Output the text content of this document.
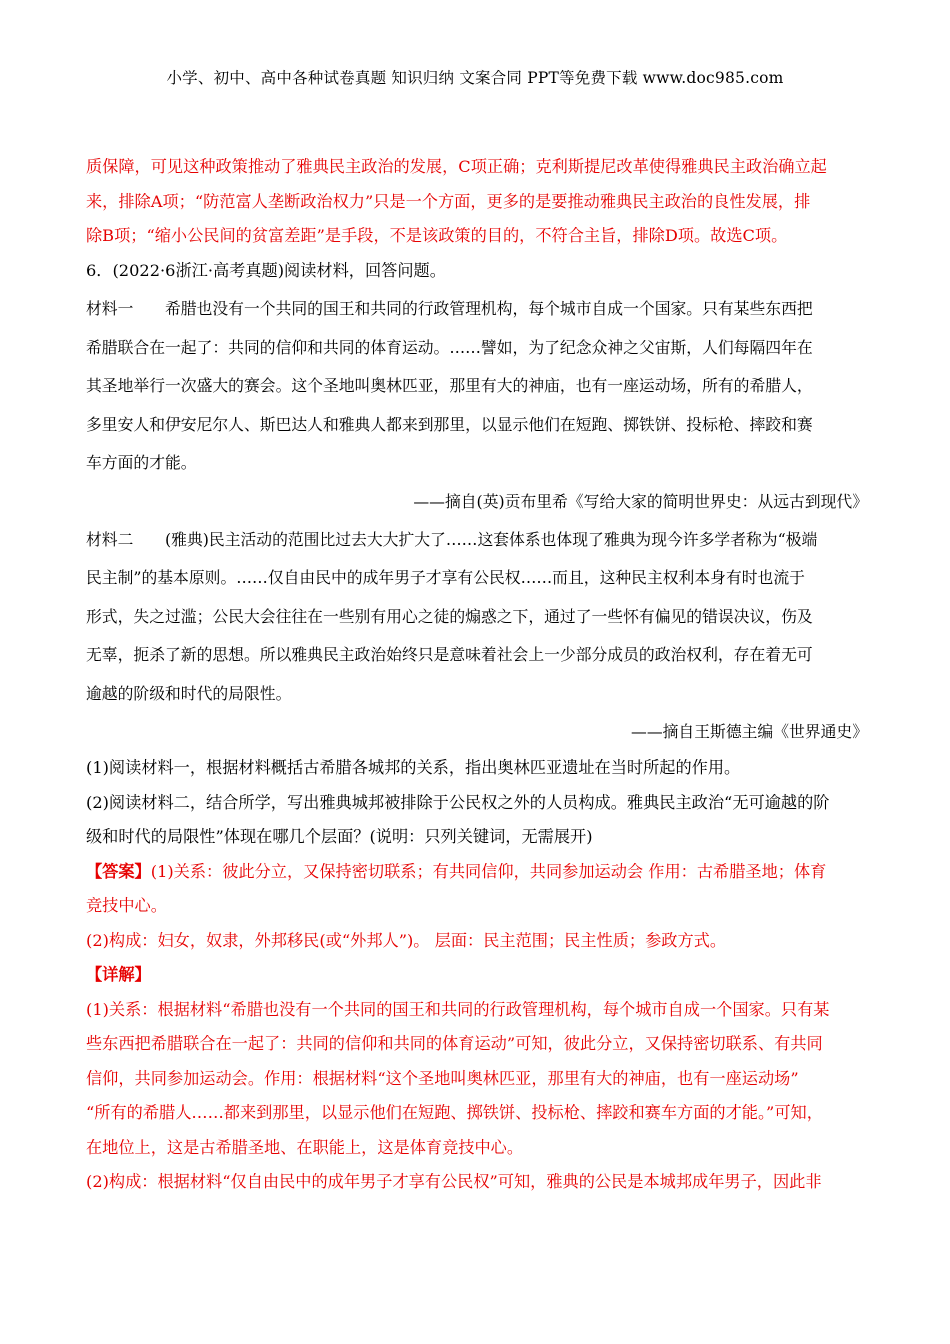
小学、初中、高中各种试卷真题 知识归纳 文案合同 PPT等免费下载 www.doc985.com

质保障，可见这种政策推动了雅典民主政治的发展，C项正确；克利斯提尼改革使得雅典民主政治确立起

来，排除A项；“防范富人垄断政治权力”只是一个方面，更多的是要推动雅典民主政治的良性发展，排

除B项；“缩小公民间的贫富差距”是手段，不是该政策的目的，不符合主旨，排除D项。故选C项。

6．(2022·6浙江·高考真题)阅读材料，回答问题。

材料一　　希腊也没有一个共同的国王和共同的行政管理机构，每个城市自成一个国家。只有某些东西把

希腊联合在一起了：共同的信仰和共同的体育运动。……譬如，为了纪念众神之父宙斯，人们每隔四年在

其圣地举行一次盛大的赛会。这个圣地叫奥林匹亚，那里有大的神庙，也有一座运动场，所有的希腊人，

多里安人和伊安尼尔人、斯巴达人和雅典人都来到那里，以显示他们在短跑、掷铁饼、投标枪、摔跤和赛

车方面的才能。

——摘自(英)贡布里希《写给大家的简明世界史：从远古到现代》

材料二　　(雅典)民主活动的范围比过去大大扩大了……这套体系也体现了雅典为现今许多学者称为“极端

民主制”的基本原则。……仅自由民中的成年男子才享有公民权……而且，这种民主权利本身有时也流于

形式，失之过滥；公民大会往往在一些别有用心之徒的煽惑之下，通过了一些怀有偏见的错误决议，伤及

无辜，扼杀了新的思想。所以雅典民主政治始终只是意味着社会上一少部分成员的政治权利，存在着无可

逾越的阶级和时代的局限性。

——摘自王斯德主编《世界通史》

(1)阅读材料一，根据材料概括古希腊各城邦的关系，指出奥林匹亚遗址在当时所起的作用。

(2)阅读材料二，结合所学，写出雅典城邦被排除于公民权之外的人员构成。雅典民主政治“无可逾越的阶

级和时代的局限性”体现在哪几个层面？(说明：只列关键词，无需展开)

【答案】(1)关系：彼此分立，又保持密切联系；有共同信仰，共同参加运动会 作用：古希腊圣地；体育

竞技中心。

(2)构成：妇女，奴隶，外邦移民(或“外邦人”)。 层面：民主范围；民主性质；参政方式。

【详解】

(1)关系：根据材料“希腊也没有一个共同的国王和共同的行政管理机构，每个城市自成一个国家。只有某

些东西把希腊联合在一起了：共同的信仰和共同的体育运动”可知，彼此分立，又保持密切联系、有共同

信仰，共同参加运动会。作用：根据材料“这个圣地叫奥林匹亚，那里有大的神庙，也有一座运动场”

“所有的希腊人……都来到那里，以显示他们在短跑、掷铁饼、投标枪、摔跤和赛车方面的才能。”可知，

在地位上，这是古希腊圣地、在职能上，这是体育竞技中心。

(2)构成：根据材料“仅自由民中的成年男子才享有公民权”可知，雅典的公民是本城邦成年男子，因此非
